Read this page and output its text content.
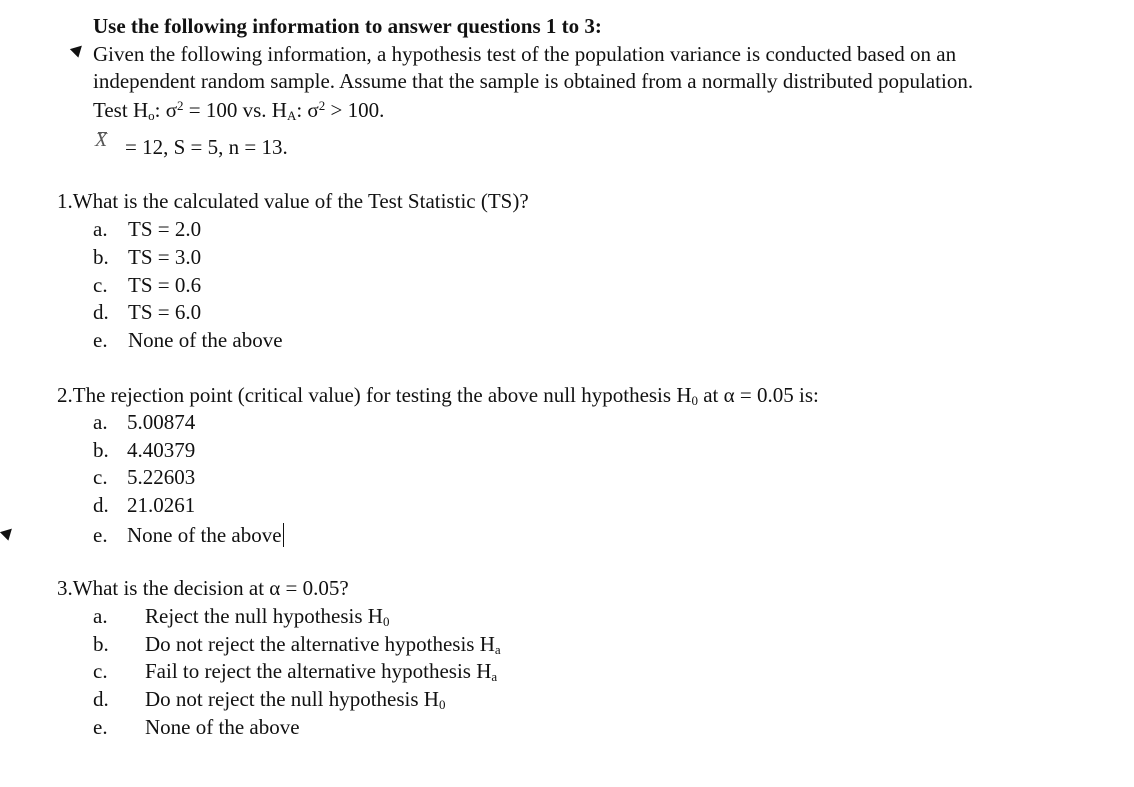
Use the following information to answer questions 1 to 3:
Given the following information, a hypothesis test of the population variance is conducted based on an
independent random sample. Assume that the sample is obtained from a normally distributed population.
Test $H_o$: $\sigma^2 = 100$ vs. $H_A$: $\sigma^2 > 100$.
X = 12, S = 5, n = 13.
1.What is the calculated value of the Test Statistic (TS)?
a. TS = 2.0
b. TS = 3.0
c. TS = 0.6
d. TS = 6.0
e. None of the above
2.The rejection point (critical value) for testing the above null hypothesis $H_0$ at α = 0.05 is:
a. 5.00874
b. 4.40379
c. 5.22603
d. 21.0261
e. None of the above
3.What is the decision at α = 0.05?
a. Reject the null hypothesis $H_0$
b. Do not reject the alternative hypothesis $H_a$
c. Fail to reject the alternative hypothesis $H_a$
d. Do not reject the null hypothesis $H_0$
e. None of the above
